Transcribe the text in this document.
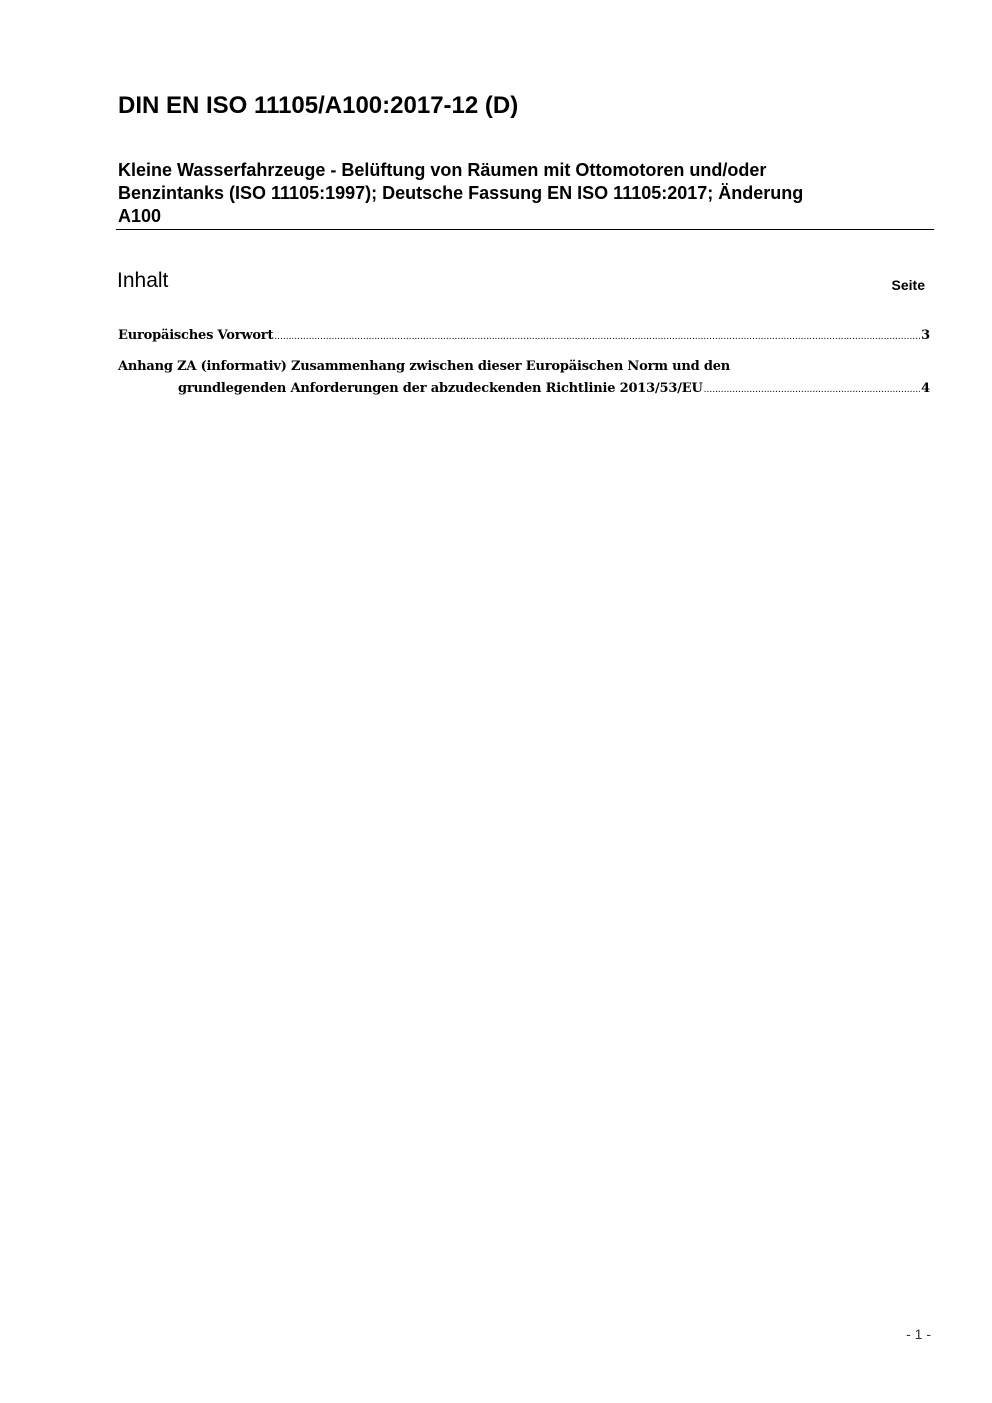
DIN EN ISO 11105/A100:2017-12 (D)
Kleine Wasserfahrzeuge - Belüftung von Räumen mit Ottomotoren und/oder
Benzintanks (ISO 11105:1997); Deutsche Fassung EN ISO 11105:2017; Änderung
A100
Inhalt	Seite
Europäisches Vorwort .....	3
Anhang ZA (informativ) Zusammenhang zwischen dieser Europäischen Norm und den
grundlegenden Anforderungen der abzudeckenden Richtlinie 2013/53/EU .....	4
- 1 -
